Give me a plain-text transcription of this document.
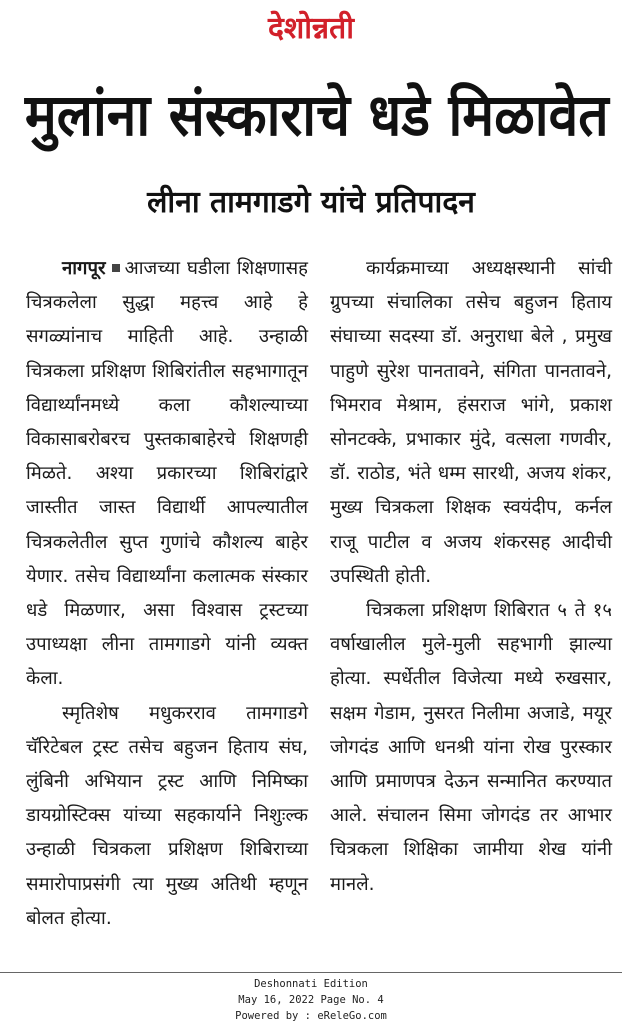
देशोन्नती
मुलांना संस्काराचे धडे मिळावेत
लीना तामगाडगे यांचे प्रतिपादन

नागपूर आजच्या घडीला शिक्षणासह चित्रकलेला सुद्धा महत्त्व आहे हे सगळ्यांनाच माहिती आहे. उन्हाळी चित्रकला प्रशिक्षण शिबिरांतील सहभागातून विद्यार्थ्यांनमध्ये कला कौशल्याच्या विकासाबरोबरच पुस्तकाबाहेरचे शिक्षणही मिळते. अश्या प्रकारच्या शिबिरांद्वारे जास्तीत जास्त विद्यार्थी आपल्यातील चित्रकलेतील सुप्त गुणांचे कौशल्य बाहेर येणार. तसेच विद्यार्थ्यांना कलात्मक संस्कार धडे मिळणार, असा विश्वास ट्रस्टच्या उपाध्यक्षा लीना तामगाडगे यांनी व्यक्त केला.

स्मृतिशेष मधुकरराव तामगाडगे चॅरिटेबल ट्रस्ट तसेच बहुजन हिताय संघ, लुंबिनी अभियान ट्रस्ट आणि निमिष्का डायग्रोस्टिक्स यांच्या सहकार्याने निशुःल्क उन्हाळी चित्रकला प्रशिक्षण शिबिराच्या समारोपाप्रसंगी त्या मुख्य अतिथी म्हणून बोलत होत्या.

कार्यक्रमाच्या अध्यक्षस्थानी सांची ग्रुपच्या संचालिका तसेच बहुजन हिताय संघाच्या सदस्या डॉ. अनुराधा बेले , प्रमुख पाहुणे सुरेश पानतावने, संगिता पानतावने, भिमराव मेश्राम, हंसराज भांगे, प्रकाश सोनटक्के, प्रभाकार मुंदे, वत्सला गणवीर, डॉ. राठोड, भंते धम्म सारथी, अजय शंकर, मुख्य चित्रकला शिक्षक स्वयंदीप, कर्नल राजू पाटील व अजय शंकरसह आदीची उपस्थिती होती.

चित्रकला प्रशिक्षण शिबिरात ५ ते १५ वर्षाखालील मुले-मुली सहभागी झाल्या होत्या. स्पर्धेतील विजेत्या मध्ये रुखसार, सक्षम गेडाम, नुसरत निलीमा अजाडे, मयूर जोगदंड आणि धनश्री यांना रोख पुरस्कार आणि प्रमाणपत्र देऊन सन्मानित करण्यात आले. संचालन सिमा जोगदंड तर आभार चित्रकला शिक्षिका जामीया शेख यांनी मानले.

Deshonnati Edition
May 16, 2022 Page No. 4
Powered by : eReleGo.com
